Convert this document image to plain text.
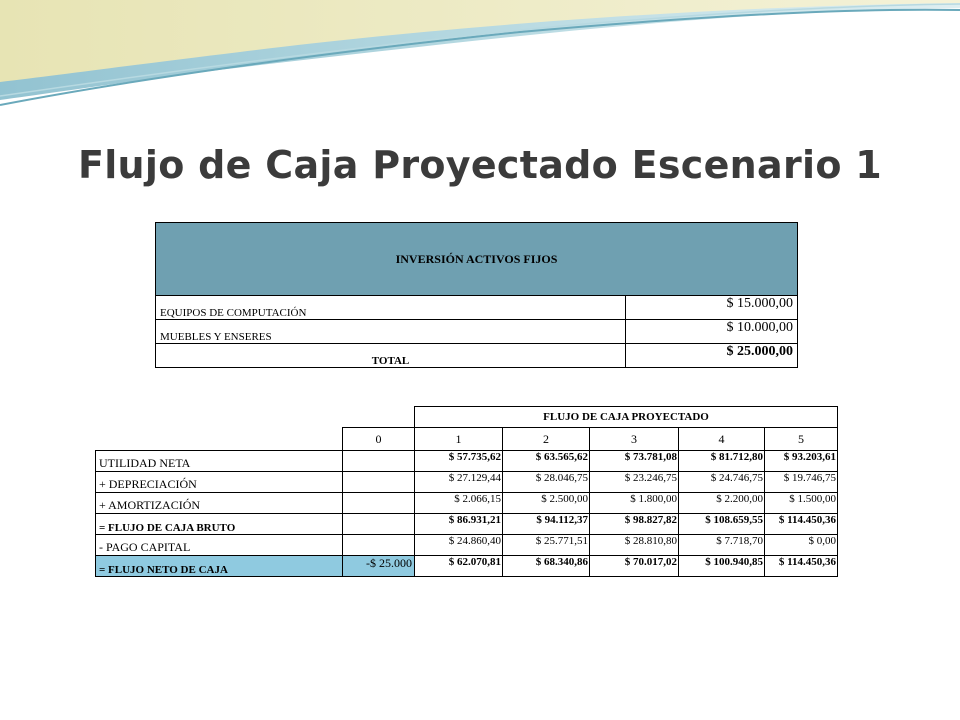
Flujo de Caja Proyectado Escenario 1
INVERSIÓN ACTIVOS FIJOS	
EQUIPOS DE COMPUTACIÓN	$ 15.000,00
MUEBLES Y ENSERES	$ 10.000,00
TOTAL	$ 25.000,00
		FLUJO DE CAJA PROYECTADO				
	0	1	2	3	4	5
UTILIDAD NETA		$ 57.735,62	$ 63.565,62	$ 73.781,08	$ 81.712,80	$ 93.203,61
+ DEPRECIACIÓN		$ 27.129,44	$ 28.046,75	$ 23.246,75	$ 24.746,75	$ 19.746,75
+ AMORTIZACIÓN		$ 2.066,15	$ 2.500,00	$ 1.800,00	$ 2.200,00	$ 1.500,00
= FLUJO DE CAJA BRUTO		$ 86.931,21	$ 94.112,37	$ 98.827,82	$ 108.659,55	$ 114.450,36
- PAGO CAPITAL		$ 24.860,40	$ 25.771,51	$ 28.810,80	$ 7.718,70	$ 0,00
= FLUJO NETO DE CAJA	-$ 25.000	$ 62.070,81	$ 68.340,86	$ 70.017,02	$ 100.940,85	$ 114.450,36
